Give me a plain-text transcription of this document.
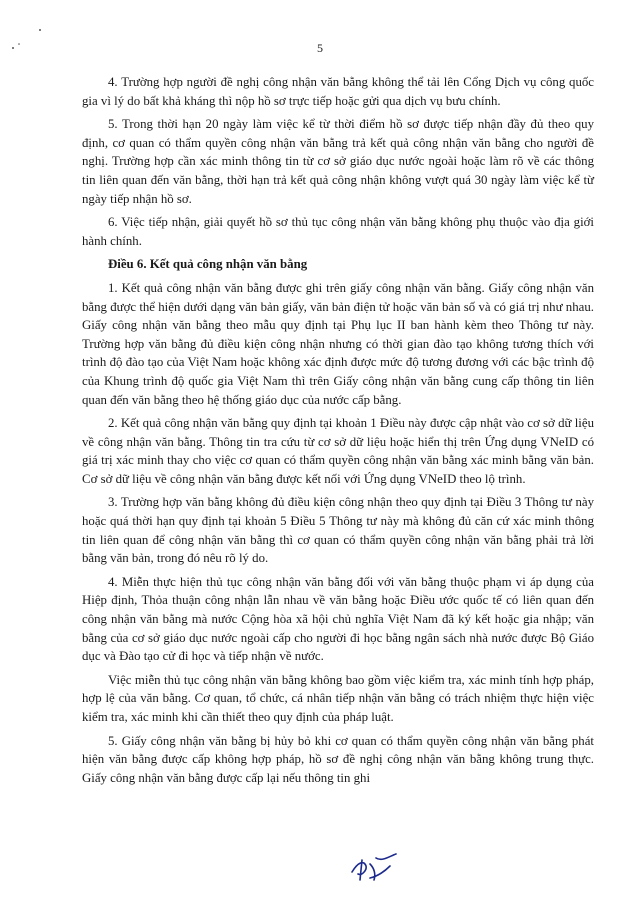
5

4. Trường hợp người đề nghị công nhận văn bằng không thể tải lên Cổng Dịch vụ công quốc gia vì lý do bất khả kháng thì nộp hồ sơ trực tiếp hoặc gửi qua dịch vụ bưu chính.

5. Trong thời hạn 20 ngày làm việc kể từ thời điểm hồ sơ được tiếp nhận đầy đủ theo quy định, cơ quan có thẩm quyền công nhận văn bằng trả kết quả công nhận văn bằng cho người đề nghị. Trường hợp cần xác minh thông tin từ cơ sở giáo dục nước ngoài hoặc làm rõ về các thông tin liên quan đến văn bằng, thời hạn trả kết quả công nhận không vượt quá 30 ngày làm việc kể từ ngày tiếp nhận hồ sơ.

6. Việc tiếp nhận, giải quyết hồ sơ thủ tục công nhận văn bằng không phụ thuộc vào địa giới hành chính.

Điều 6. Kết quả công nhận văn bằng

1. Kết quả công nhận văn bằng được ghi trên giấy công nhận văn bằng. Giấy công nhận văn bằng được thể hiện dưới dạng văn bản giấy, văn bản điện tử hoặc văn bản số và có giá trị như nhau. Giấy công nhận văn bằng theo mẫu quy định tại Phụ lục II ban hành kèm theo Thông tư này. Trường hợp văn bằng đủ điều kiện công nhận nhưng có thời gian đào tạo không tương thích với trình độ đào tạo của Việt Nam hoặc không xác định được mức độ tương đương với các bậc trình độ của Khung trình độ quốc gia Việt Nam thì trên Giấy công nhận văn bằng cung cấp thông tin liên quan đến văn bằng theo hệ thống giáo dục của nước cấp bằng.

2. Kết quả công nhận văn bằng quy định tại khoản 1 Điều này được cập nhật vào cơ sở dữ liệu về công nhận văn bằng. Thông tin tra cứu từ cơ sở dữ liệu hoặc hiển thị trên Ứng dụng VNeID có giá trị xác minh thay cho việc cơ quan có thẩm quyền công nhận văn bằng xác minh bằng văn bản. Cơ sở dữ liệu về công nhận văn bằng được kết nối với Ứng dụng VNeID theo lộ trình.

3. Trường hợp văn bằng không đủ điều kiện công nhận theo quy định tại Điều 3 Thông tư này hoặc quá thời hạn quy định tại khoản 5 Điều 5 Thông tư này mà không đủ căn cứ xác minh thông tin liên quan để công nhận văn bằng thì cơ quan có thẩm quyền công nhận văn bằng phải trả lời bằng văn bản, trong đó nêu rõ lý do.

4. Miễn thực hiện thủ tục công nhận văn bằng đối với văn bằng thuộc phạm vi áp dụng của Hiệp định, Thỏa thuận công nhận lẫn nhau về văn bằng hoặc Điều ước quốc tế có liên quan đến công nhận văn bằng mà nước Cộng hòa xã hội chủ nghĩa Việt Nam đã ký kết hoặc gia nhập; văn bằng của cơ sở giáo dục nước ngoài cấp cho người đi học bằng ngân sách nhà nước được Bộ Giáo dục và Đào tạo cử đi học và tiếp nhận về nước.

Việc miễn thủ tục công nhận văn bằng không bao gồm việc kiểm tra, xác minh tính hợp pháp, hợp lệ của văn bằng. Cơ quan, tổ chức, cá nhân tiếp nhận văn bằng có trách nhiệm thực hiện việc kiểm tra, xác minh khi cần thiết theo quy định của pháp luật.

5. Giấy công nhận văn bằng bị hủy bỏ khi cơ quan có thẩm quyền công nhận văn bằng phát hiện văn bằng được cấp không hợp pháp, hồ sơ đề nghị công nhận văn bằng không trung thực. Giấy công nhận văn bằng được cấp lại nếu thông tin ghi
